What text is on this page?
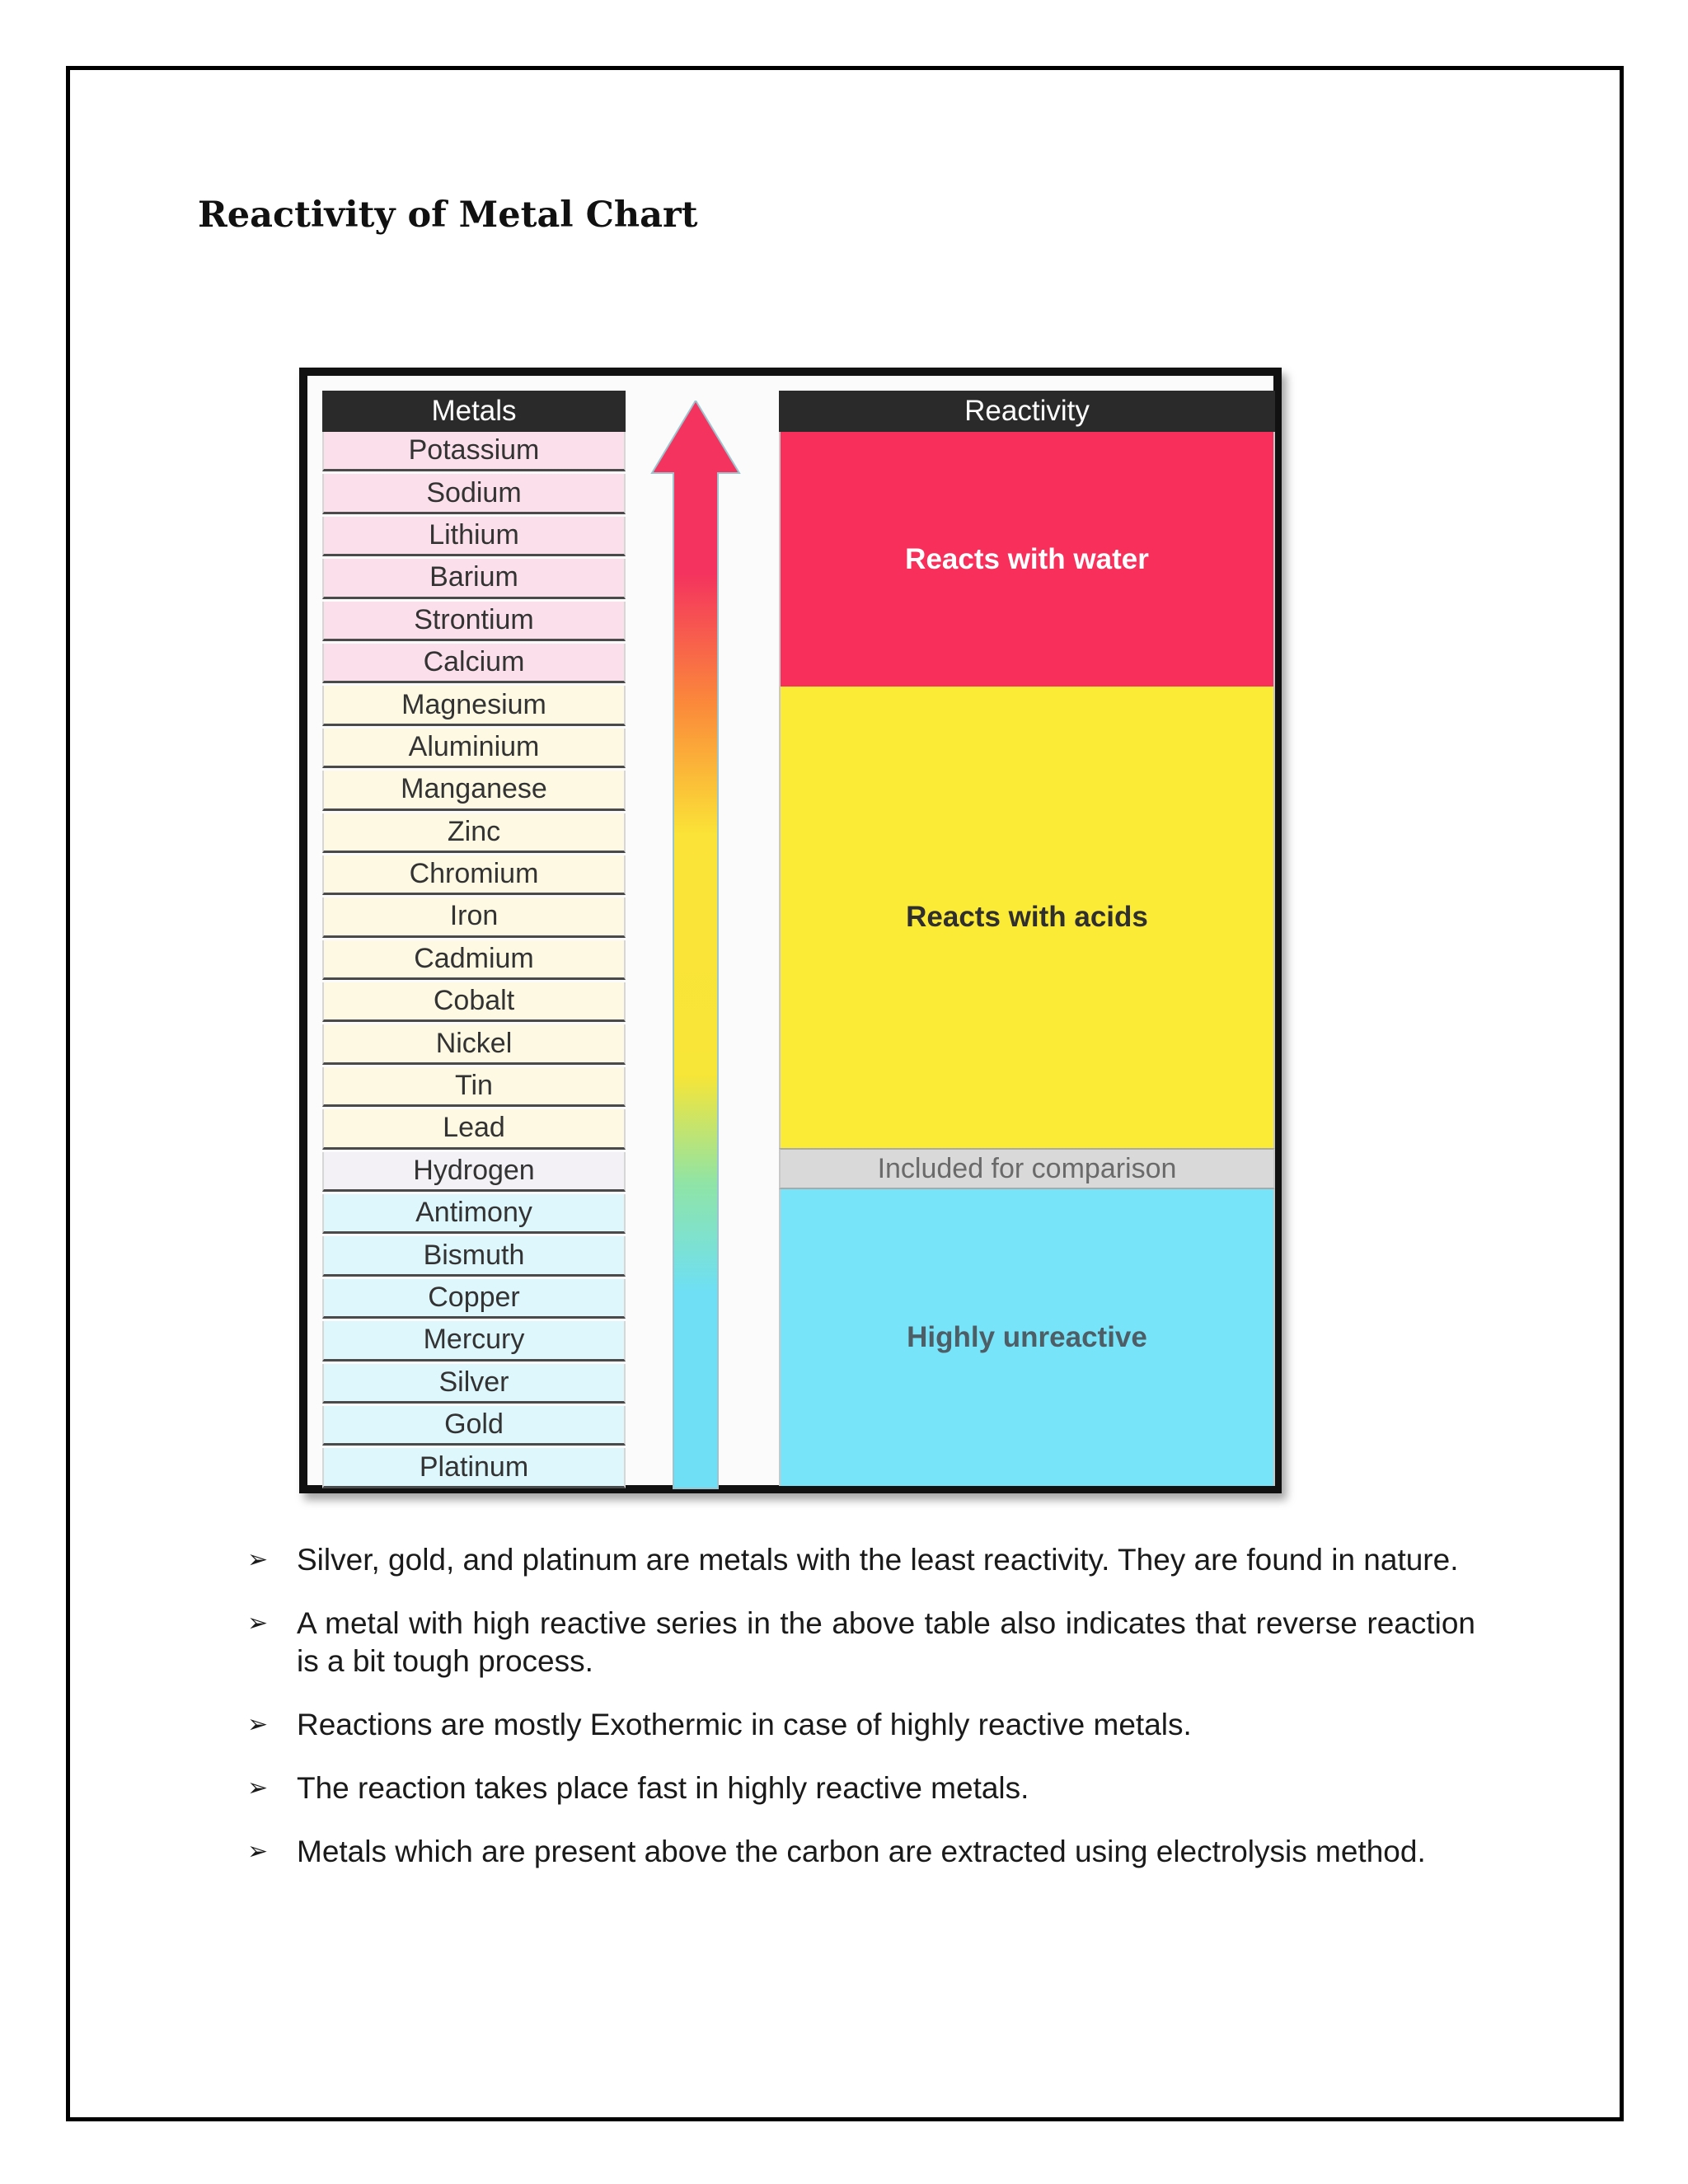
Reactivity of Metal Chart
Metals
Potassium
Sodium
Lithium
Barium
Strontium
Calcium
Magnesium
Aluminium
Manganese
Zinc
Chromium
Iron
Cadmium
Cobalt
Nickel
Tin
Lead
Hydrogen
Antimony
Bismuth
Copper
Mercury
Silver
Gold
Platinum
Reactivity
Reacts with water
Reacts with acids
Included for comparison
Highly unreactive
➢ Silver, gold, and platinum are metals with the least reactivity. They are found in nature.
➢ A metal with high reactive series in the above table also indicates that reverse reaction is a bit tough process.
➢ Reactions are mostly Exothermic in case of highly reactive metals.
➢ The reaction takes place fast in highly reactive metals.
➢ Metals which are present above the carbon are extracted using electrolysis method.
